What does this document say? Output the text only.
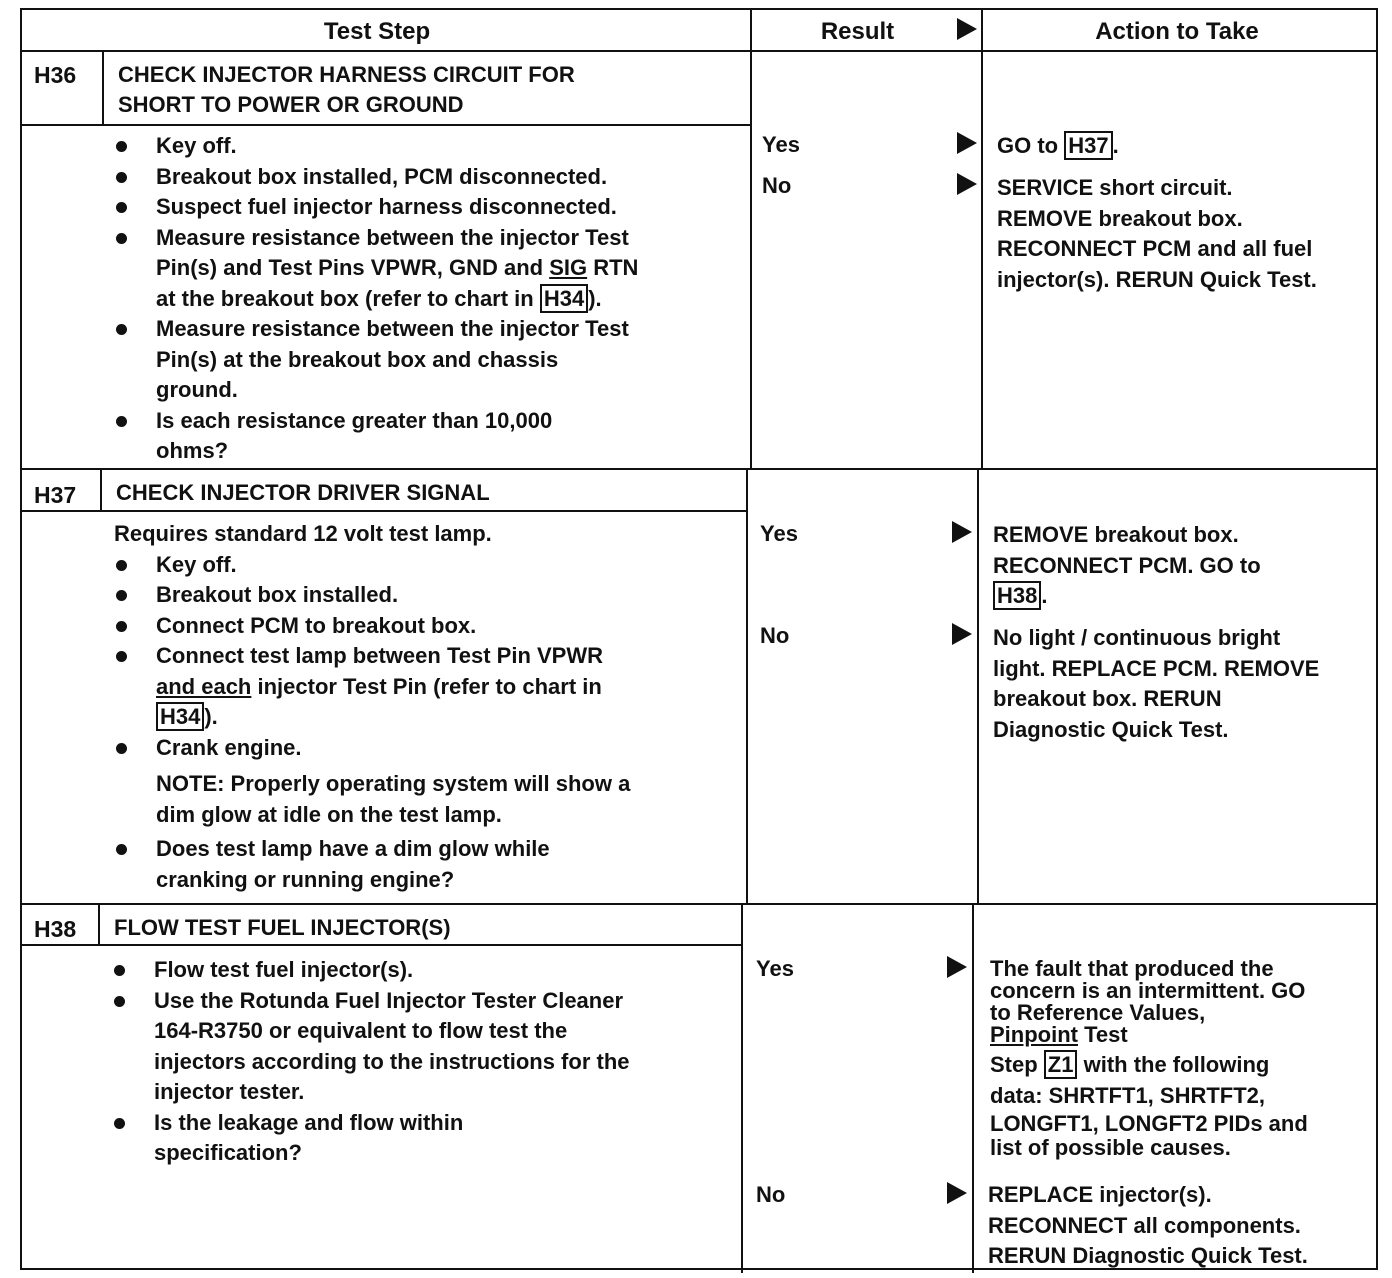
Test Step	Result	Action to Take
H36 CHECK INJECTOR HARNESS CIRCUIT FOR
SHORT TO POWER OR GROUND

Key off.

Breakout box installed, PCM disconnected.

Suspect fuel injector harness disconnected.

Measure resistance between the injector Test
Pin(s) and Test Pins VPWR, GND and SIG RTN
at the breakout box (refer to chart in H34 ).

Measure resistance between the injector Test
Pin(s) at the breakout box and chassis
ground.

Is each resistance greater than 10,000
ohms?

Yes
No

GO to H37 .

SERVICE short circuit.

REMOVE breakout box.

RECONNECT PCM and all fuel

injector(s). RERUN Quick Test.

H37 CHECK INJECTOR DRIVER SIGNAL

Requires standard 12 volt test lamp.

Key off.

Breakout box installed.

Connect PCM to breakout box.

Connect test lamp between Test Pin VPWR
and each injector Test Pin (refer to chart in
H34 ).

Crank engine.

NOTE: Properly operating system will show a
dim glow at idle on the test lamp.

Does test lamp have a dim glow while
cranking or running engine?

Yes
No

REMOVE breakout box.

RECONNECT PCM. GO to

H38 .

No light / continuous bright

light. REPLACE PCM. REMOVE

breakout box. RERUN

Diagnostic Quick Test.

H38 FLOW TEST FUEL INJECTOR(S)

Flow test fuel injector(s).

Use the Rotunda Fuel Injector Tester Cleaner
164-R3750 or equivalent to flow test the
injectors according to the instructions for the
injector tester.

Is the leakage and flow within
specification?

Yes
No

The fault that produced the

concern is an intermittent. GO

to Reference Values,

Pinpoint Test

Step Z1 with the following

data: SHRTFT1, SHRTFT2,

LONGFT1, LONGFT2 PIDs and

list of possible causes.

REPLACE injector(s).

RECONNECT all components.

RERUN Diagnostic Quick Test.
